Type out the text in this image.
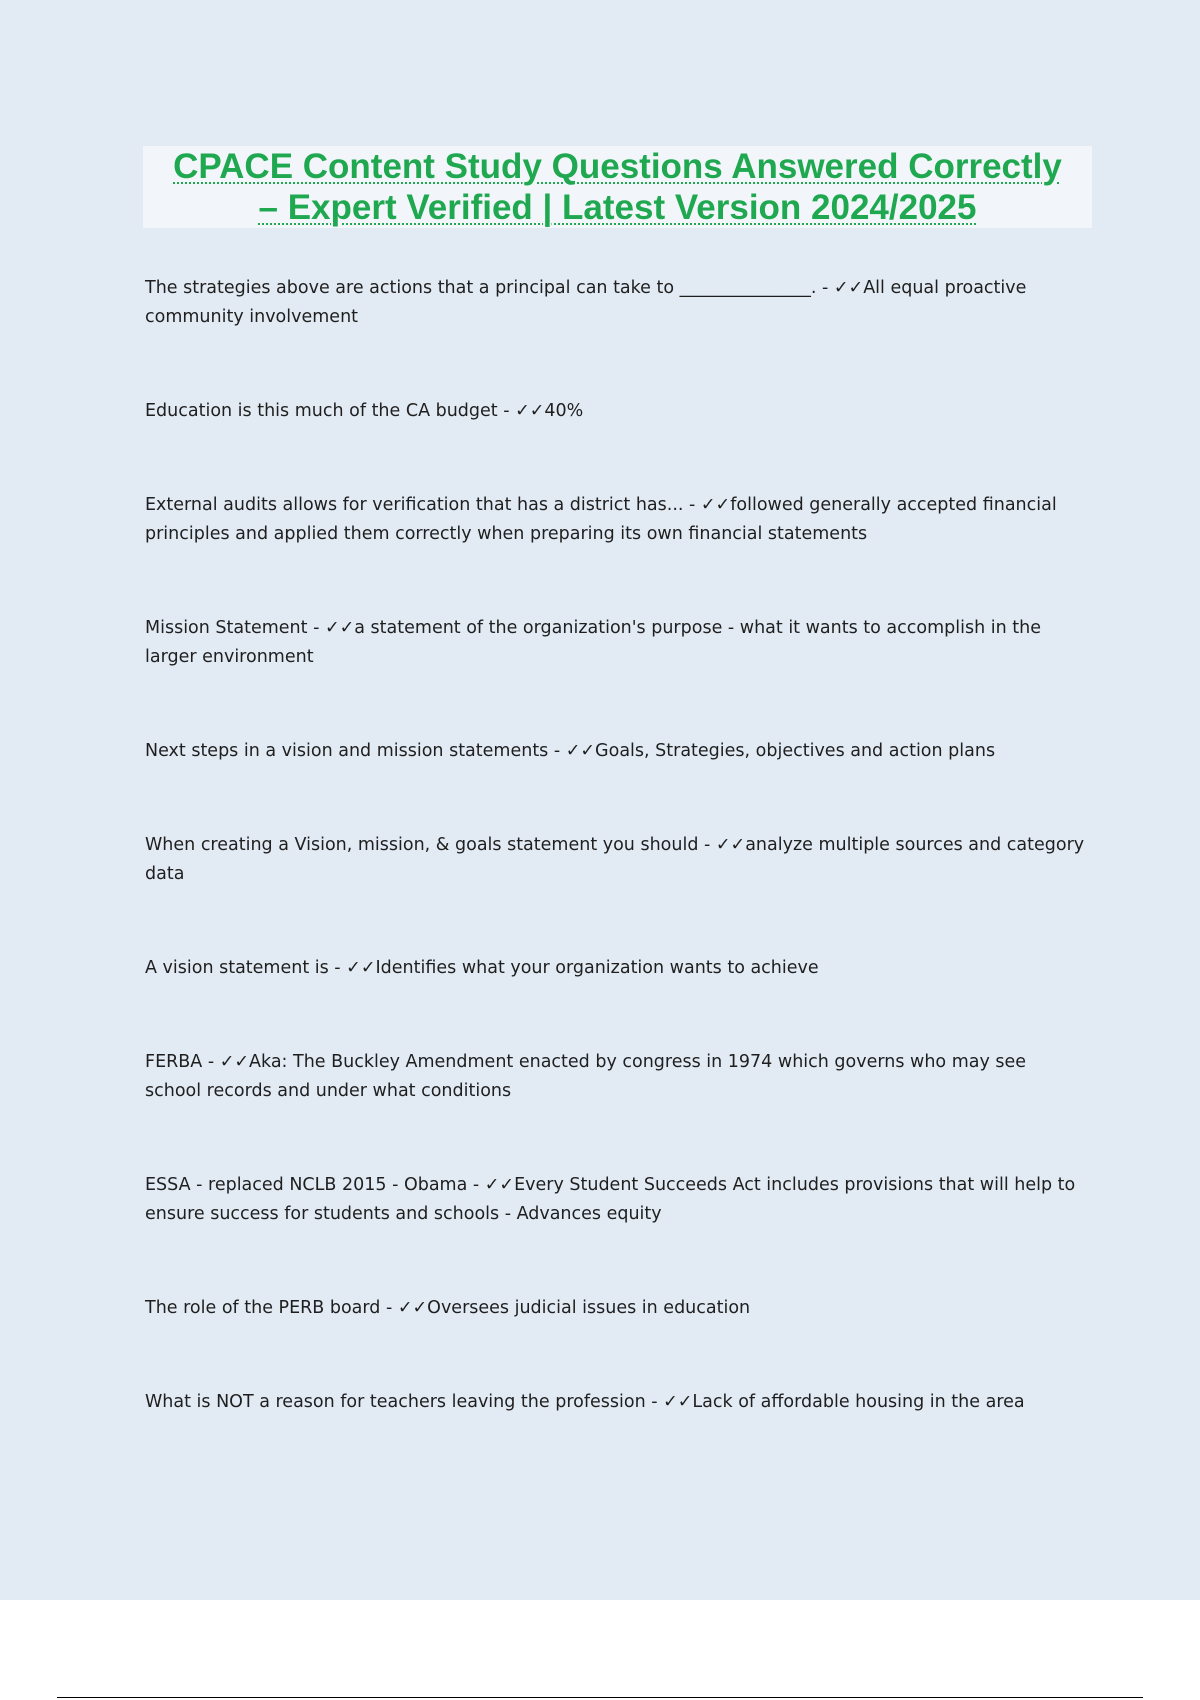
CPACE Content Study Questions Answered Correctly
– Expert Verified | Latest Version 2024/2025
The strategies above are actions that a principal can take to _______________. - ✓✓All equal proactive community involvement
Education is this much of the CA budget - ✓✓40%
External audits allows for verification that has a district has... - ✓✓followed generally accepted financial principles and applied them correctly when preparing its own financial statements
Mission Statement - ✓✓a statement of the organization's purpose - what it wants to accomplish in the larger environment
Next steps in a vision and mission statements - ✓✓Goals, Strategies, objectives and action plans
When creating a Vision, mission, & goals statement you should - ✓✓analyze multiple sources and category data
A vision statement is - ✓✓Identifies what your organization wants to achieve
FERBA - ✓✓Aka: The Buckley Amendment enacted by congress in 1974 which governs who may see school records and under what conditions
ESSA - replaced NCLB 2015 - Obama - ✓✓Every Student Succeeds Act includes provisions that will help to ensure success for students and schools - Advances equity
The role of the PERB board - ✓✓Oversees judicial issues in education
What is NOT a reason for teachers leaving the profession - ✓✓Lack of affordable housing in the area
